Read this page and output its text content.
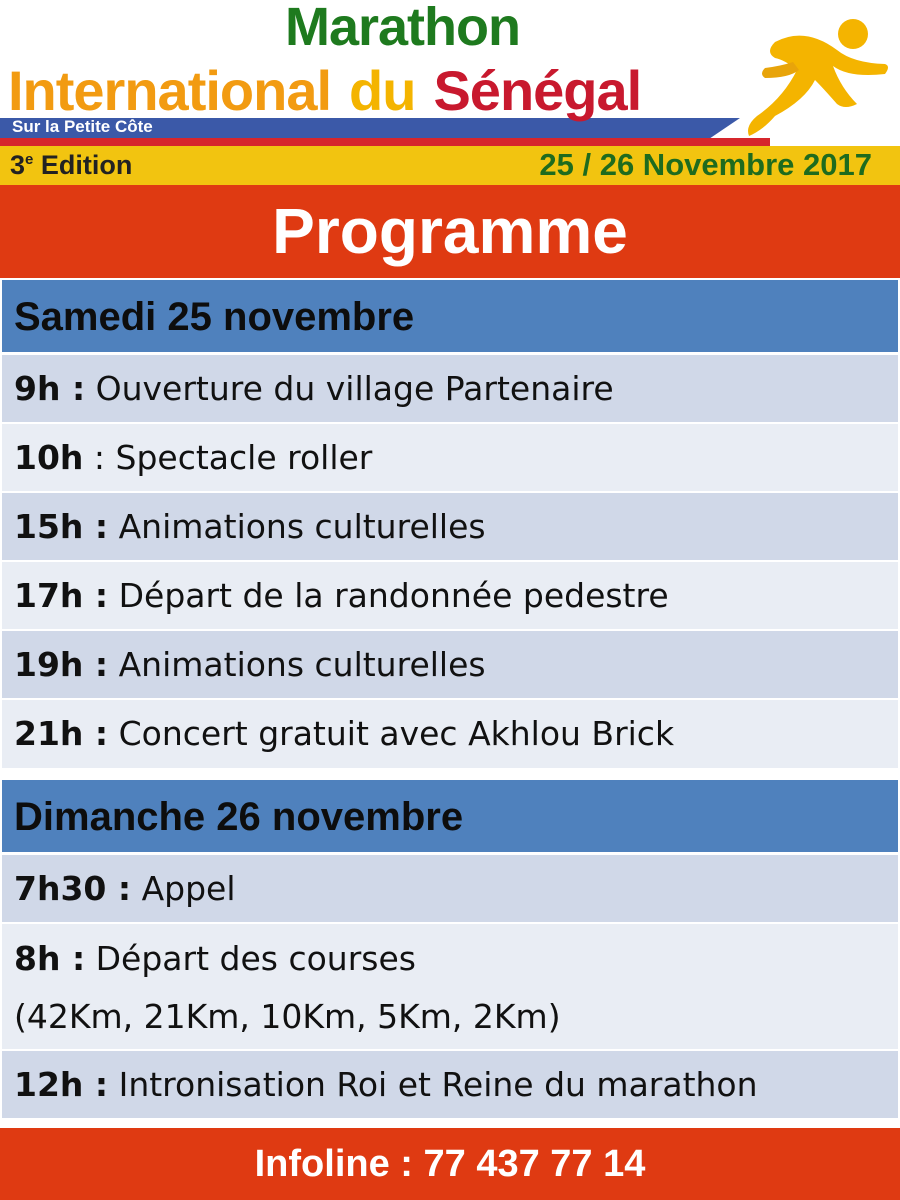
Marathon
International du Sénégal
Sur la Petite Côte
3e Edition	25 / 26 Novembre 2017
Programme
Samedi 25 novembre
9h : Ouverture du village Partenaire
10h : Spectacle roller
15h : Animations culturelles
17h : Départ de la randonnée pedestre
19h : Animations culturelles
21h : Concert gratuit avec Akhlou Brick
Dimanche 26 novembre
7h30 : Appel
8h : Départ des courses
(42Km, 21Km, 10Km, 5Km, 2Km)
12h : Intronisation Roi et Reine du marathon
Infoline : 77 437 77 14
